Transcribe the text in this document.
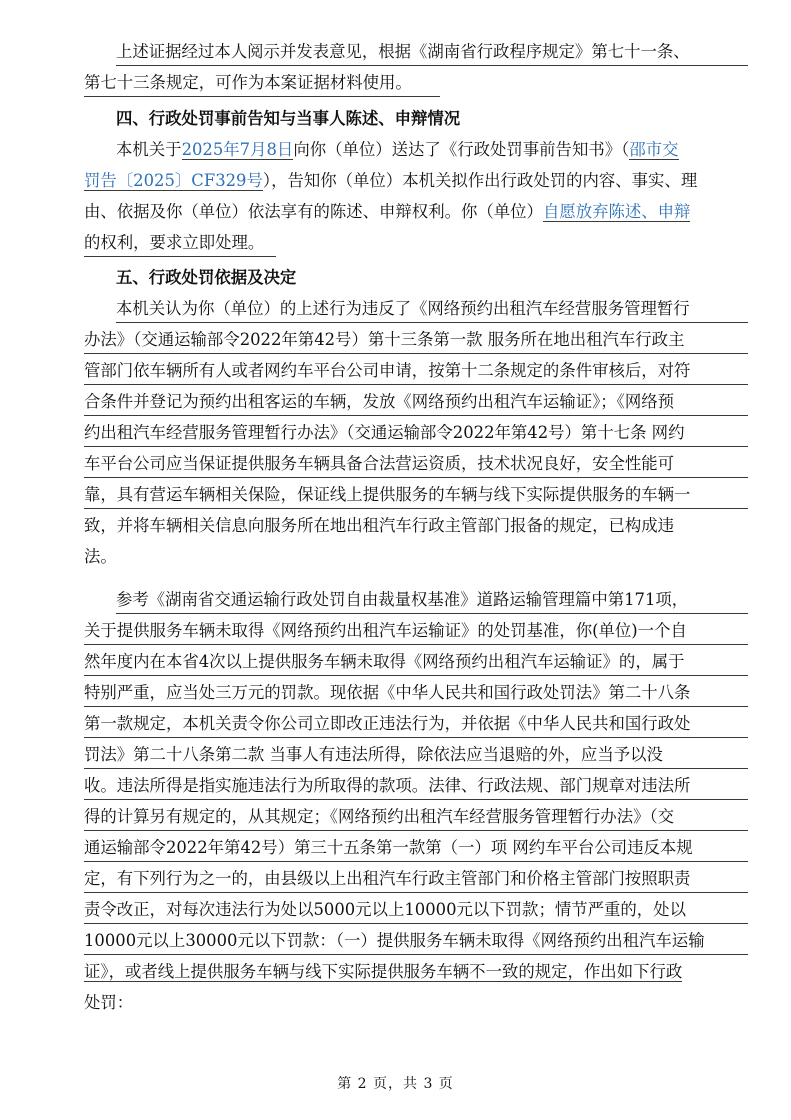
上述证据经过本人阅示并发表意见，根据《湖南省行政程序规定》第七十一条、
第七十三条规定，可作为本案证据材料使用。
四、行政处罚事前告知与当事人陈述、申辩情况
本机关于2025年7月8日向你（单位）送达了《行政处罚事前告知书》（邵市交
罚告〔2025〕CF329号），告知你（单位）本机关拟作出行政处罚的内容、事实、理
由、依据及你（单位）依法享有的陈述、申辩权利。你（单位）自愿放弃陈述、申辩
的权利，要求立即处理。
五、行政处罚依据及决定
本机关认为你（单位）的上述行为违反了《网络预约出租汽车经营服务管理暂行
办法》（交通运输部令2022年第42号）第十三条第一款 服务所在地出租汽车行政主
管部门依车辆所有人或者网约车平台公司申请，按第十二条规定的条件审核后，对符
合条件并登记为预约出租客运的车辆，发放《网络预约出租汽车运输证》；《网络预
约出租汽车经营服务管理暂行办法》（交通运输部令2022年第42号）第十七条 网约
车平台公司应当保证提供服务车辆具备合法营运资质，技术状况良好，安全性能可
靠，具有营运车辆相关保险，保证线上提供服务的车辆与线下实际提供服务的车辆一
致，并将车辆相关信息向服务所在地出租汽车行政主管部门报备的规定，已构成违
法。
参考《湖南省交通运输行政处罚自由裁量权基准》道路运输管理篇中第171项，
关于提供服务车辆未取得《网络预约出租汽车运输证》的处罚基准，你(单位)一个自
然年度内在本省4次以上提供服务车辆未取得《网络预约出租汽车运输证》的，属于
特别严重，应当处三万元的罚款。现依据《中华人民共和国行政处罚法》第二十八条
第一款规定，本机关责令你公司立即改正违法行为，并依据《中华人民共和国行政处
罚法》第二十八条第二款 当事人有违法所得，除依法应当退赔的外，应当予以没
收。违法所得是指实施违法行为所取得的款项。法律、行政法规、部门规章对违法所
得的计算另有规定的，从其规定；《网络预约出租汽车经营服务管理暂行办法》（交
通运输部令2022年第42号）第三十五条第一款第（一）项 网约车平台公司违反本规
定，有下列行为之一的，由县级以上出租汽车行政主管部门和价格主管部门按照职责
责令改正，对每次违法行为处以5000元以上10000元以下罚款；情节严重的，处以
10000元以上30000元以下罚款：（一）提供服务车辆未取得《网络预约出租汽车运输
证》，或者线上提供服务车辆与线下实际提供服务车辆不一致的规定，作出如下行政
处罚：
第 2 页，共 3 页
